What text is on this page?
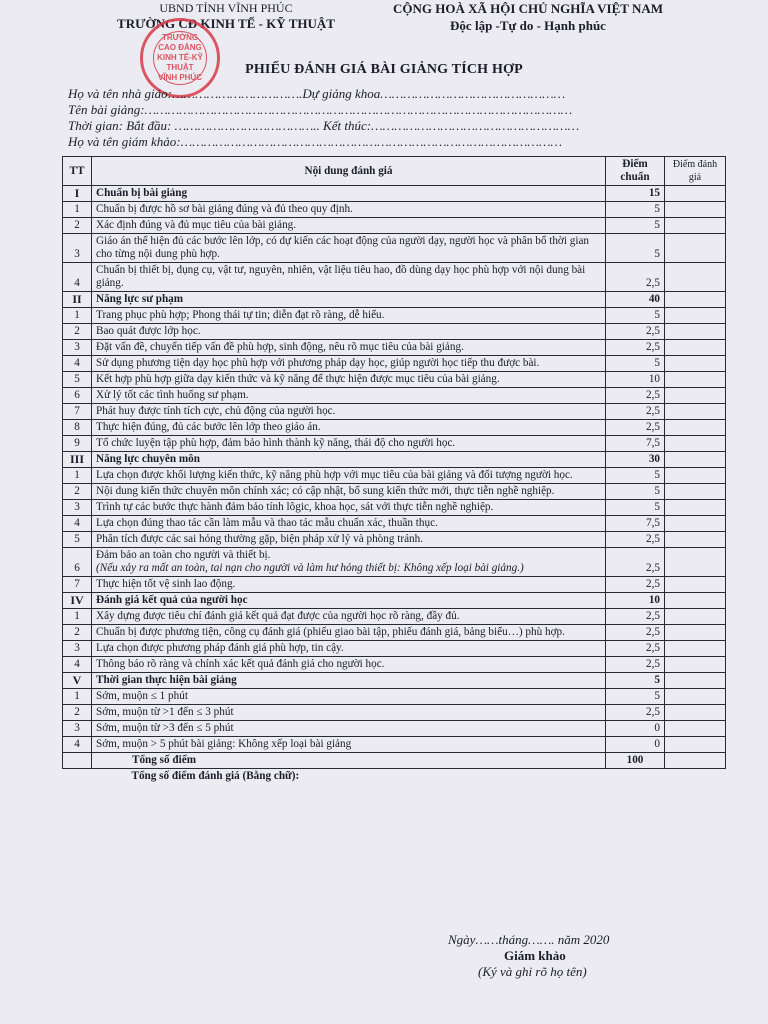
UBND TỈNH VĨNH PHÚC
TRƯỜNG CĐ KINH TẾ - KỸ THUẬT
CỘNG HOÀ XÃ HỘI CHỦ NGHĨA VIỆT NAM
Độc lập -Tự do - Hạnh phúc
TRƯỜNG
CAO ĐẲNG
KINH TẾ-KỸ THUẬT
VĨNH PHÚC
PHIẾU ĐÁNH GIÁ BÀI GIẢNG TÍCH HỢP
Họ và tên nhà giáo:…………………………….Dự giảng khoa…………………………………………
Tên bài giảng:…………………………………………………………………………………………………
Thời gian: Bắt đầu: ……………………………….. Kết thúc:………………………………………………
Họ và tên giám khảo:………………………………………………………………………………………
TT	Nội dung đánh giá	Điểm chuẩn	Điểm đánh giá
I	Chuẩn bị bài giảng	15	
1	Chuẩn bị được hồ sơ bài giảng đúng và đủ theo quy định.	5	
2	Xác định đúng và đủ mục tiêu của bài giảng.	5	
3	Giáo án thể hiện đủ các bước lên lớp, có dự kiến các hoạt động của người dạy, người học và phân bổ thời gian cho từng nội dung phù hợp.	5	
4	Chuẩn bị thiết bị, dụng cụ, vật tư, nguyên, nhiên, vật liệu tiêu hao, đồ dùng dạy học phù hợp với nội dung bài giảng.	2,5	
II	Năng lực sư phạm	40	
1	Trang phục phù hợp; Phong thái tự tin; diễn đạt rõ ràng, dễ hiểu.	5	
2	Bao quát được lớp học.	2,5	
3	Đặt vấn đề, chuyển tiếp vấn đề phù hợp, sinh động, nêu rõ mục tiêu của bài giảng.	2,5	
4	Sử dụng phương tiện dạy học phù hợp với phương pháp dạy học, giúp người học tiếp thu được bài.	5	
5	Kết hợp phù hợp giữa dạy kiến thức và kỹ năng để thực hiện được mục tiêu của bài giảng.	10	
6	Xử lý tốt các tình huống sư phạm.	2,5	
7	Phát huy được tính tích cực, chủ động của người học.	2,5	
8	Thực hiện đúng, đủ các bước lên lớp theo giáo án.	2,5	
9	Tổ chức luyện tập phù hợp, đảm bảo hình thành kỹ năng, thái độ cho người học.	7,5	
III	Năng lực chuyên môn	30	
1	Lựa chọn được khối lượng kiến thức, kỹ năng phù hợp với mục tiêu của bài giảng và đối tượng người học.	5	
2	Nội dung kiến thức chuyên môn chính xác; có cập nhật, bổ sung kiến thức mới, thực tiễn nghề nghiệp.	5	
3	Trình tự các bước thực hành đảm bảo tính lôgic, khoa học, sát với thực tiễn nghề nghiệp.	5	
4	Lựa chọn đúng thao tác cần làm mẫu và thao tác mẫu chuẩn xác, thuần thục.	7,5	
5	Phân tích được các sai hỏng thường gặp, biện pháp xử lý và phòng tránh.	2,5	
6	Đảm bảo an toàn cho người và thiết bị.
(Nếu xảy ra mất an toàn, tai nạn cho người và làm hư hỏng thiết bị: Không xếp loại bài giảng.)	2,5	
7	Thực hiện tốt vệ sinh lao động.	2,5	
IV	Đánh giá kết quả của người học	10	
1	Xây dựng được tiêu chí đánh giá kết quả đạt được của người học rõ ràng, đầy đủ.	2,5	
2	Chuẩn bị được phương tiện, công cụ đánh giá (phiếu giao bài tập, phiếu đánh giá, bảng biểu…) phù hợp.	2,5	
3	Lựa chọn được phương pháp đánh giá phù hợp, tin cậy.	2,5	
4	Thông báo rõ ràng và chính xác kết quả đánh giá cho người học.	2,5	
V	Thời gian thực hiện bài giảng	5	
1	Sớm, muộn ≤ 1 phút	5	
2	Sớm, muộn từ >1 đến ≤ 3 phút	2,5	
3	Sớm, muộn từ >3 đến ≤ 5 phút	0	
4	Sớm, muộn > 5 phút bài giảng: Không xếp loại bài giảng	0	
	Tổng số điểm	100	
	Tổng số điểm đánh giá (Bằng chữ):		
Ngày……tháng……. năm 2020
Giám khảo
(Ký và ghi rõ họ tên)
